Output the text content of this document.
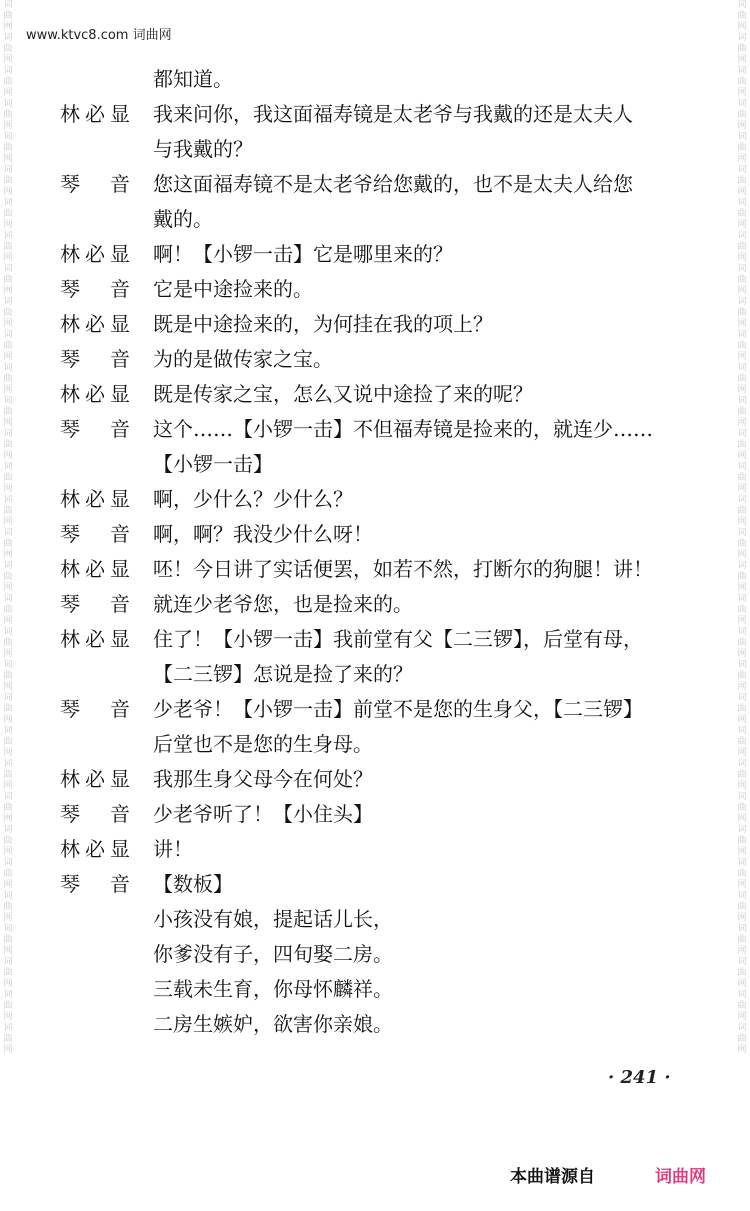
词曲网词曲网词曲网词曲网词曲网词曲网词曲网词曲网词曲网词曲网词曲网词曲网词曲网词曲网词曲网词曲网词曲网词曲网词曲网词曲网词曲网词曲网词曲网词曲网词曲网词曲网词曲网词曲网词曲网词曲网词曲网词曲网
词曲网词曲网词曲网词曲网词曲网词曲网词曲网词曲网词曲网词曲网词曲网词曲网词曲网词曲网词曲网词曲网词曲网词曲网词曲网词曲网词曲网词曲网词曲网词曲网词曲网词曲网词曲网词曲网词曲网词曲网词曲网词曲网
www.ktvc8.com 词曲网
都知道。
林必显 我来问你，我这面福寿镜是太老爷与我戴的还是太夫人
与我戴的？
琴音 您这面福寿镜不是太老爷给您戴的，也不是太夫人给您
戴的。
林必显 啊！【小锣一击】它是哪里来的？
琴音 它是中途捡来的。
林必显 既是中途捡来的，为何挂在我的项上？
琴音 为的是做传家之宝。
林必显 既是传家之宝，怎么又说中途捡了来的呢？
琴音 这个……【小锣一击】不但福寿镜是捡来的，就连少……
【小锣一击】
林必显 啊，少什么？少什么？
琴音 啊，啊？我没少什么呀！
林必显 呸！今日讲了实话便罢，如若不然，打断尔的狗腿！讲！
琴音 就连少老爷您，也是捡来的。
林必显 住了！【小锣一击】我前堂有父【二三锣】，后堂有母，
【二三锣】怎说是捡了来的？
琴音 少老爷！【小锣一击】前堂不是您的生身父，【二三锣】
后堂也不是您的生身母。
林必显 我那生身父母今在何处？
琴音 少老爷听了！【小住头】
林必显 讲！
琴音 【数板】
小孩没有娘，提起话儿长，
你爹没有子，四旬娶二房。
三载未生育，你母怀麟祥。
二房生嫉妒，欲害你亲娘。
· 241 ·
本曲谱源自	词曲网
